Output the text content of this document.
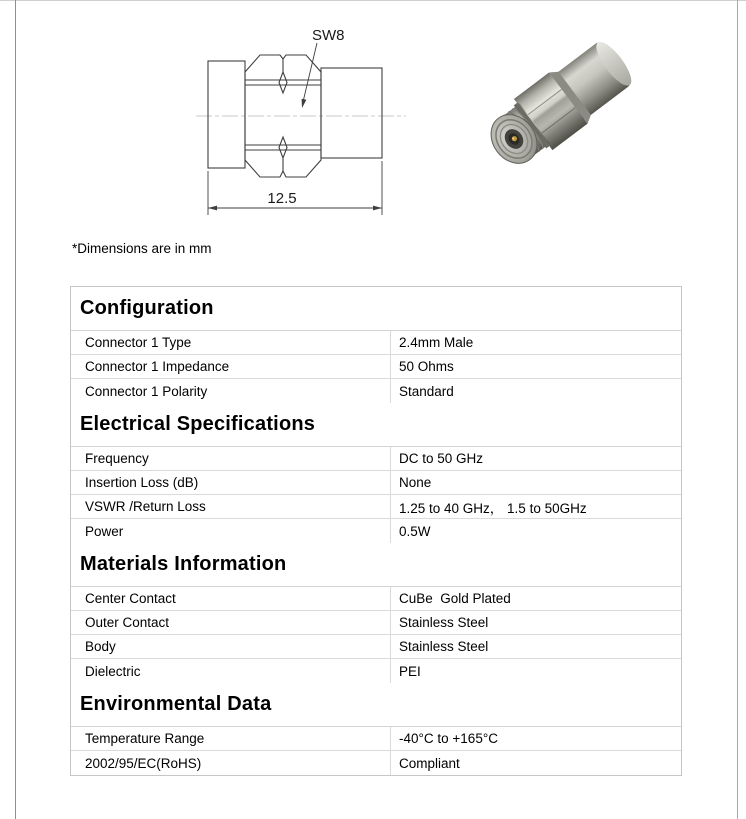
SW8
12.5
*Dimensions are in mm
Configuration
Connector 1 Type	2.4mm Male
Connector 1 Impedance	50 Ohms
Connector 1 Polarity	Standard
Electrical Specifications
Frequency	DC to 50 GHz
Insertion Loss (dB)	None
VSWR /Return Loss	1.25 to 40 GHz， 1.5 to 50GHz
Power	0.5W
Materials Information
Center Contact	CuBe  Gold Plated
Outer Contact	Stainless Steel
Body	Stainless Steel
Dielectric	PEI
Environmental Data
Temperature Range	-40°C to +165°C
2002/95/EC(RoHS)	Compliant
